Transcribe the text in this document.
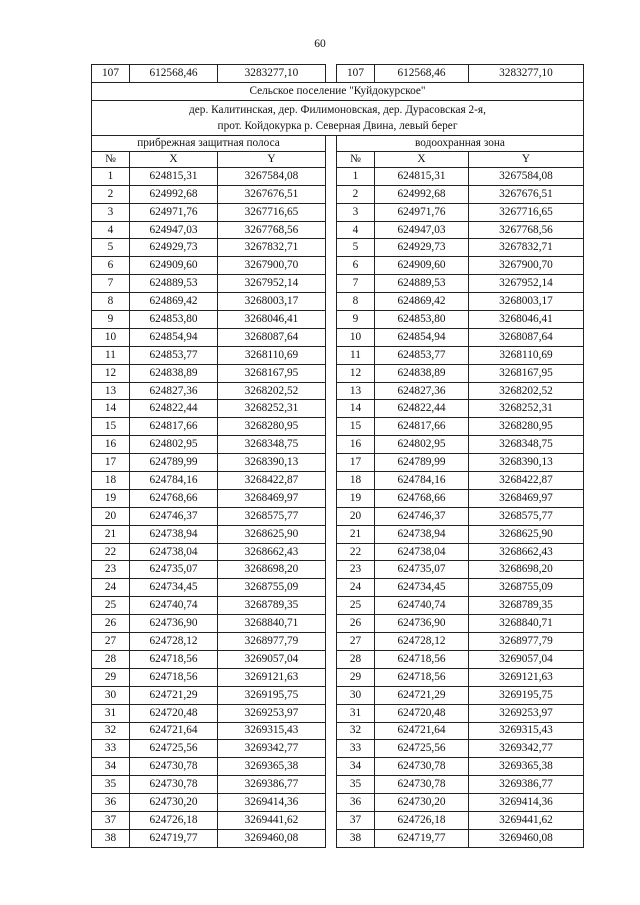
60
107	612568,46	3283277,10		107	612568,46	3283277,10
Сельское поселение "Куйдокурское"						

дер. Калитинская, дер. Филимоновская, дер. Дурасовская 2-я,
прот. Койдокурка р. Северная Двина, левый берег						

прибрежная защитная полоса				водоохранная зона		
№	X	Y		№	X	Y
1	624815,31	3267584,08		1	624815,31	3267584,08
2	624992,68	3267676,51		2	624992,68	3267676,51
3	624971,76	3267716,65		3	624971,76	3267716,65
4	624947,03	3267768,56		4	624947,03	3267768,56
5	624929,73	3267832,71		5	624929,73	3267832,71
6	624909,60	3267900,70		6	624909,60	3267900,70
7	624889,53	3267952,14		7	624889,53	3267952,14
8	624869,42	3268003,17		8	624869,42	3268003,17
9	624853,80	3268046,41		9	624853,80	3268046,41
10	624854,94	3268087,64		10	624854,94	3268087,64
11	624853,77	3268110,69		11	624853,77	3268110,69
12	624838,89	3268167,95		12	624838,89	3268167,95
13	624827,36	3268202,52		13	624827,36	3268202,52
14	624822,44	3268252,31		14	624822,44	3268252,31
15	624817,66	3268280,95		15	624817,66	3268280,95
16	624802,95	3268348,75		16	624802,95	3268348,75
17	624789,99	3268390,13		17	624789,99	3268390,13
18	624784,16	3268422,87		18	624784,16	3268422,87
19	624768,66	3268469,97		19	624768,66	3268469,97
20	624746,37	3268575,77		20	624746,37	3268575,77
21	624738,94	3268625,90		21	624738,94	3268625,90
22	624738,04	3268662,43		22	624738,04	3268662,43
23	624735,07	3268698,20		23	624735,07	3268698,20
24	624734,45	3268755,09		24	624734,45	3268755,09
25	624740,74	3268789,35		25	624740,74	3268789,35
26	624736,90	3268840,71		26	624736,90	3268840,71
27	624728,12	3268977,79		27	624728,12	3268977,79
28	624718,56	3269057,04		28	624718,56	3269057,04
29	624718,56	3269121,63		29	624718,56	3269121,63
30	624721,29	3269195,75		30	624721,29	3269195,75
31	624720,48	3269253,97		31	624720,48	3269253,97
32	624721,64	3269315,43		32	624721,64	3269315,43
33	624725,56	3269342,77		33	624725,56	3269342,77
34	624730,78	3269365,38		34	624730,78	3269365,38
35	624730,78	3269386,77		35	624730,78	3269386,77
36	624730,20	3269414,36		36	624730,20	3269414,36
37	624726,18	3269441,62		37	624726,18	3269441,62
38	624719,77	3269460,08		38	624719,77	3269460,08
